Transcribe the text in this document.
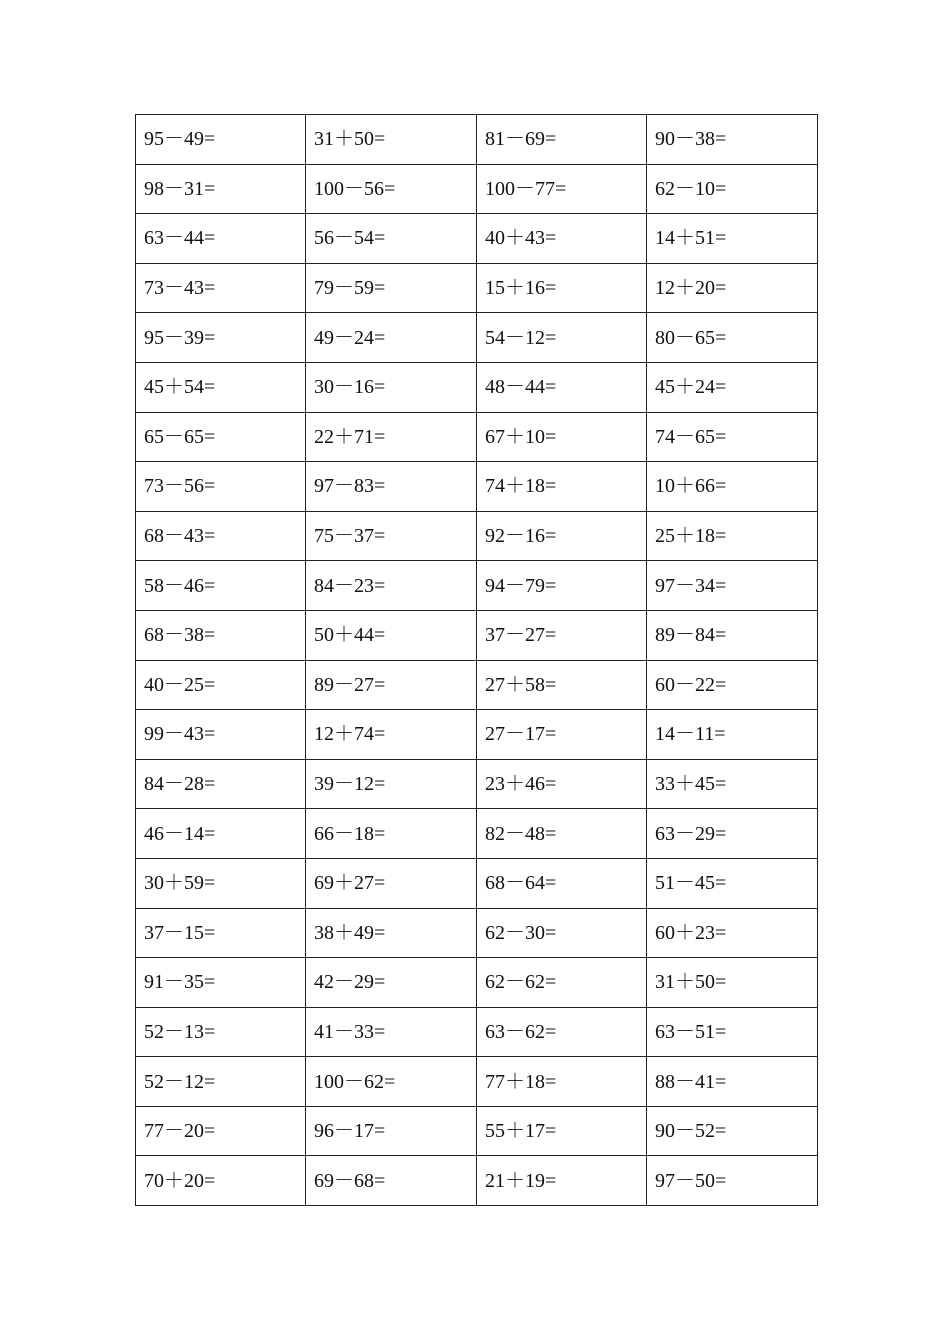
95－49=	31＋50=	81－69=	90－38=
98－31=	100－56=	100－77=	62－10=
63－44=	56－54=	40＋43=	14＋51=
73－43=	79－59=	15＋16=	12＋20=
95－39=	49－24=	54－12=	80－65=
45＋54=	30－16=	48－44=	45＋24=
65－65=	22＋71=	67＋10=	74－65=
73－56=	97－83=	74＋18=	10＋66=
68－43=	75－37=	92－16=	25＋18=
58－46=	84－23=	94－79=	97－34=
68－38=	50＋44=	37－27=	89－84=
40－25=	89－27=	27＋58=	60－22=
99－43=	12＋74=	27－17=	14－11=
84－28=	39－12=	23＋46=	33＋45=
46－14=	66－18=	82－48=	63－29=
30＋59=	69＋27=	68－64=	51－45=
37－15=	38＋49=	62－30=	60＋23=
91－35=	42－29=	62－62=	31＋50=
52－13=	41－33=	63－62=	63－51=
52－12=	100－62=	77＋18=	88－41=
77－20=	96－17=	55＋17=	90－52=
70＋20=	69－68=	21＋19=	97－50=
